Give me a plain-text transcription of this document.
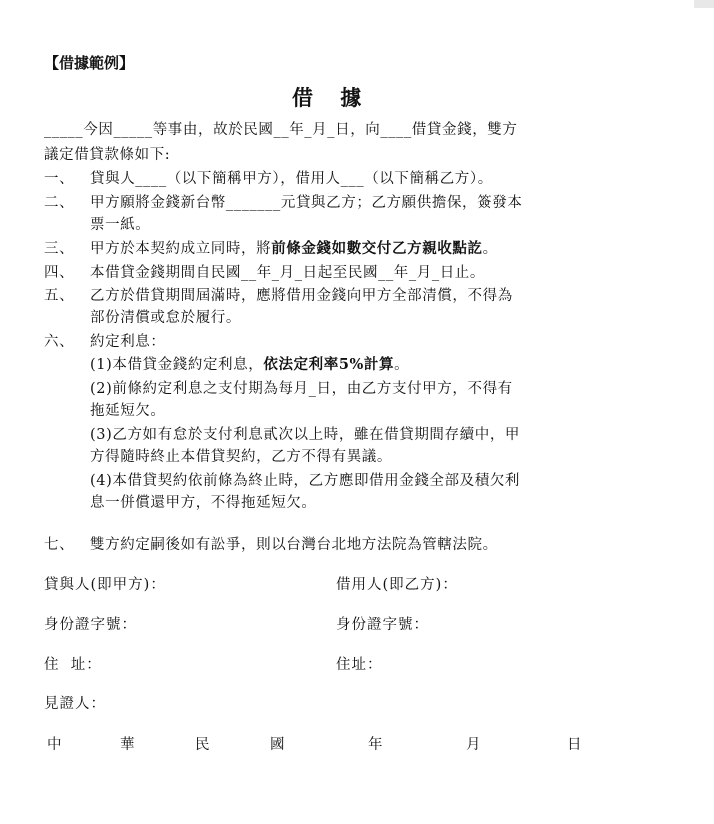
【借據範例】
借 據
_____今因_____等事由，故於民國__年_月_日，向____借貸金錢，雙方
議定借貸款條如下:
一、 貸與人____（以下簡稱甲方），借用人___（以下簡稱乙方）。
二、 甲方願將金錢新台幣_______元貸與乙方；乙方願供擔保，簽發本
票一紙。
三、 甲方於本契約成立同時，將前條金錢如數交付乙方親收點訖。
四、 本借貸金錢期間自民國__年_月_日起至民國__年_月_日止。
五、 乙方於借貸期間屆滿時，應將借用金錢向甲方全部清償，不得為
部份清償或怠於履行。
六、 約定利息：
(1)本借貸金錢約定利息，依法定利率5%計算。
(2)前條約定利息之支付期為每月_日，由乙方支付甲方，不得有
拖延短欠。
(3)乙方如有怠於支付利息貳次以上時，雖在借貸期間存續中，甲
方得隨時終止本借貸契約，乙方不得有異議。
(4)本借貸契約依前條為終止時，乙方應即借用金錢全部及積欠利
息一併償還甲方，不得拖延短欠。
七、 雙方約定嗣後如有訟爭，則以台灣台北地方法院為管轄法院。
貸與人(即甲方)：	借用人(即乙方)：
身份證字號：	身份證字號：
住  址：	住址：
見證人：
中	華	民	國	年	月	日
